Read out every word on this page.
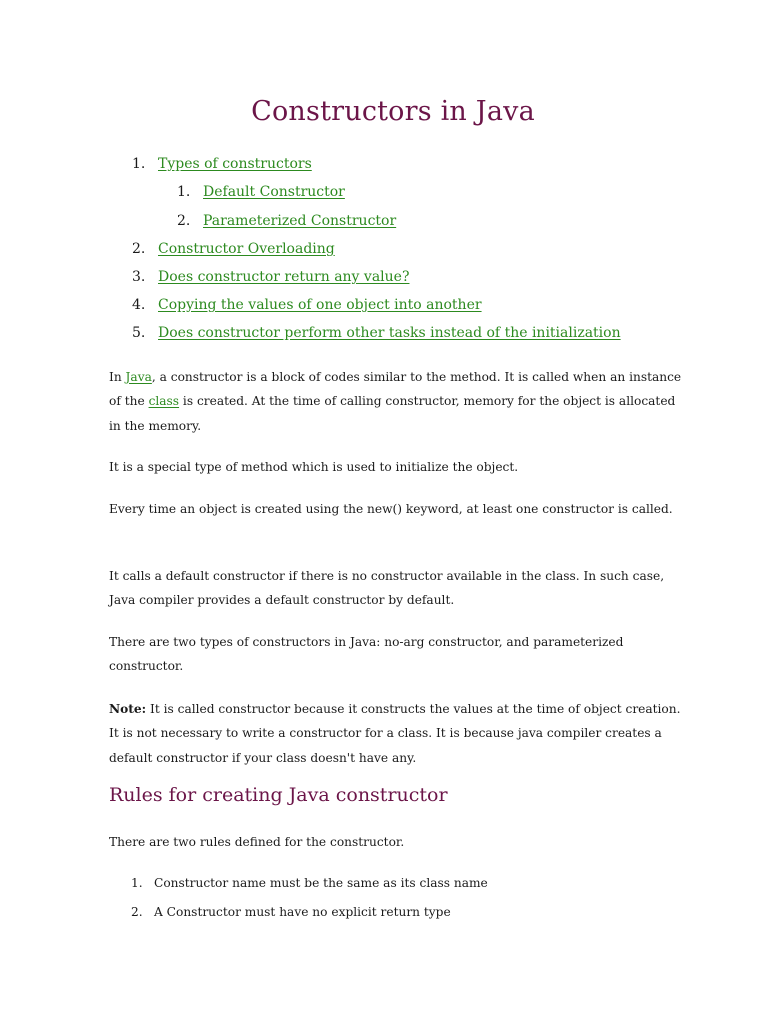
Constructors in Java
1. Types of constructors
1. Default Constructor
2. Parameterized Constructor
2. Constructor Overloading
3. Does constructor return any value?
4. Copying the values of one object into another
5. Does constructor perform other tasks instead of the initialization

In Java, a constructor is a block of codes similar to the method. It is called when an instance of the class is created. At the time of calling constructor, memory for the object is allocated in the memory.

It is a special type of method which is used to initialize the object.

Every time an object is created using the new() keyword, at least one constructor is called.

It calls a default constructor if there is no constructor available in the class. In such case, Java compiler provides a default constructor by default.

There are two types of constructors in Java: no-arg constructor, and parameterized constructor.

Note: It is called constructor because it constructs the values at the time of object creation. It is not necessary to write a constructor for a class. It is because java compiler creates a default constructor if your class doesn't have any.

Rules for creating Java constructor

There are two rules defined for the constructor.

1. Constructor name must be the same as its class name
2. A Constructor must have no explicit return type
